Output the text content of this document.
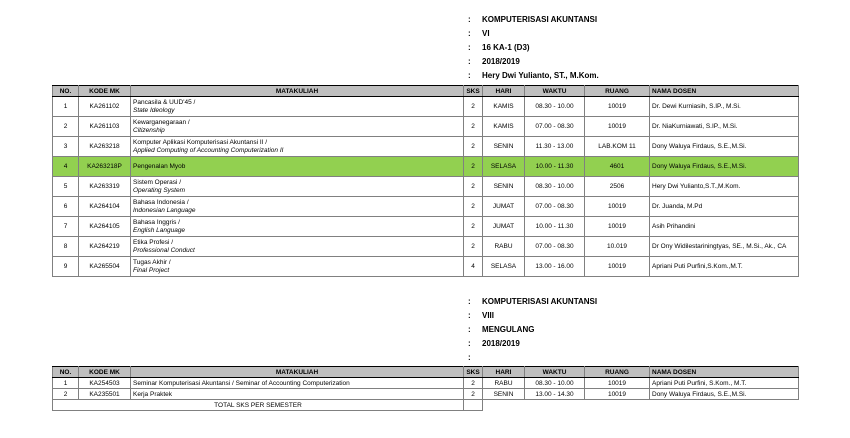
: KOMPUTERISASI AKUNTANSI
: VI
: 16 KA-1 (D3)
: 2018/2019
: Hery Dwi Yulianto, ST., M.Kom.
NO.	KODE MK	MATAKULIAH	SKS	HARI	WAKTU	RUANG	NAMA DOSEN
1	KA261102	Pancasila & UUD'45 /
State Ideology	2	KAMIS	08.30 - 10.00	10019	Dr. Dewi Kurniasih, S.IP., M.Si.
2	KA261103	Kewarganegaraan /
Citizenship	2	KAMIS	07.00 - 08.30	10019	Dr. NiaKurniawati, S.IP., M.Si.
3	KA263218	Komputer Aplikasi Komputerisasi Akuntansi II /
Applied Computing of Accounting Computerization II	2	SENIN	11.30 - 13.00	LAB.KOM 11	Dony Waluya Firdaus, S.E.,M.Si.
4	KA263218P	Pengenalan Myob	2	SELASA	10.00 - 11.30	4601	Dony Waluya Firdaus, S.E.,M.Si.
5	KA263319	Sistem Operasi /
Operating System	2	SENIN	08.30 - 10.00	2506	Hery Dwi Yulianto,S.T.,M.Kom.
6	KA264104	Bahasa Indonesia /
Indonesian Language	2	JUMAT	07.00 - 08.30	10019	Dr. Juanda, M.Pd
7	KA264105	Bahasa Inggris /
English Language	2	JUMAT	10.00 - 11.30	10019	Asih Prihandini
8	KA264219	Etika Profesi /
Professional Conduct	2	RABU	07.00 - 08.30	10.019	Dr Ony Widilestariningtyas, SE., M.Si., Ak., CA
9	KA265504	Tugas Akhir /
Final Project	4	SELASA	13.00 - 16.00	10019	Apriani Puti Purfini,S.Kom.,M.T.
: KOMPUTERISASI AKUNTANSI
: VIII
: MENGULANG
: 2018/2019
:
NO.	KODE MK	MATAKULIAH	SKS	HARI	WAKTU	RUANG	NAMA DOSEN
1	KA254503	Seminar Komputerisasi Akuntansi / Seminar of Accounting Computerization	2	RABU	08.30 - 10.00	10019	Apriani Puti Purfini, S.Kom., M.T.
2	KA235501	Kerja Praktek	2	SENIN	13.00 - 14.30	10019	Dony Waluya Firdaus, S.E.,M.Si.
TOTAL SKS PER SEMESTER							
